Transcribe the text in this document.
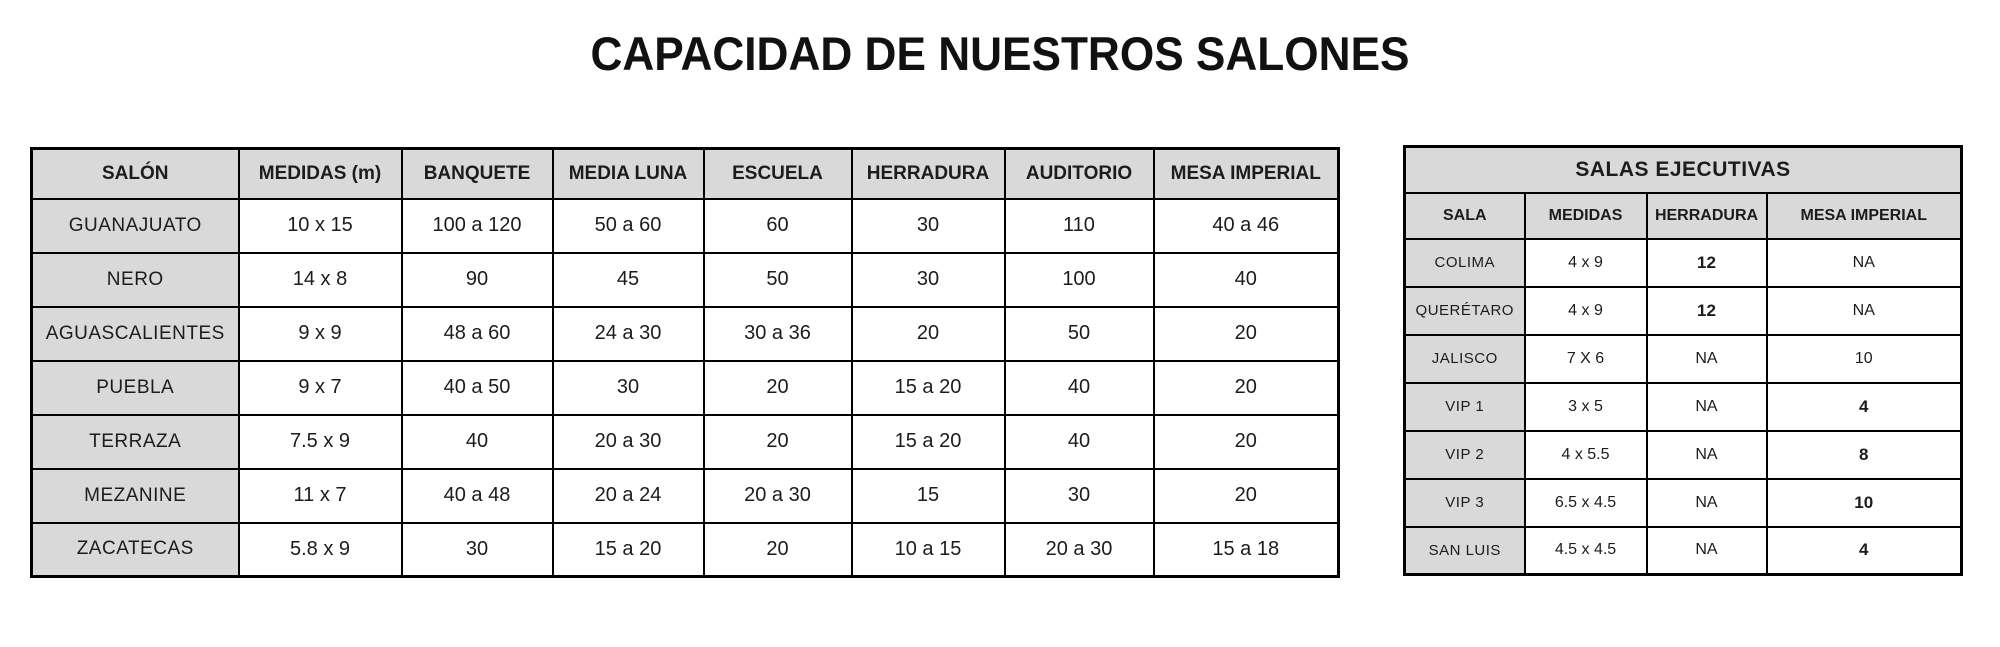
CAPACIDAD DE NUESTROS SALONES
SALÓN	MEDIDAS (m)	BANQUETE	MEDIA LUNA	ESCUELA	HERRADURA	AUDITORIO	MESA IMPERIAL
GUANAJUATO	10 x 15	100 a 120	50 a 60	60	30	110	40 a 46
NERO	14 x 8	90	45	50	30	100	40
AGUASCALIENTES	9 x 9	48 a 60	24 a 30	30 a 36	20	50	20
PUEBLA	9 x 7	40 a 50	30	20	15 a 20	40	20
TERRAZA	7.5 x 9	40	20 a 30	20	15 a 20	40	20
MEZANINE	11 x 7	40 a 48	20 a 24	20 a 30	15	30	20
ZACATECAS	5.8 x 9	30	15 a 20	20	10 a 15	20 a 30	15 a 18
SALAS EJECUTIVAS			
SALA	MEDIDAS	HERRADURA	MESA IMPERIAL
COLIMA	4 x 9	12	NA
QUERÉTARO	4 x 9	12	NA
JALISCO	7 X 6	NA	10
VIP 1	3 x 5	NA	4
VIP 2	4 x 5.5	NA	8
VIP 3	6.5 x 4.5	NA	10
SAN LUIS	4.5 x 4.5	NA	4
